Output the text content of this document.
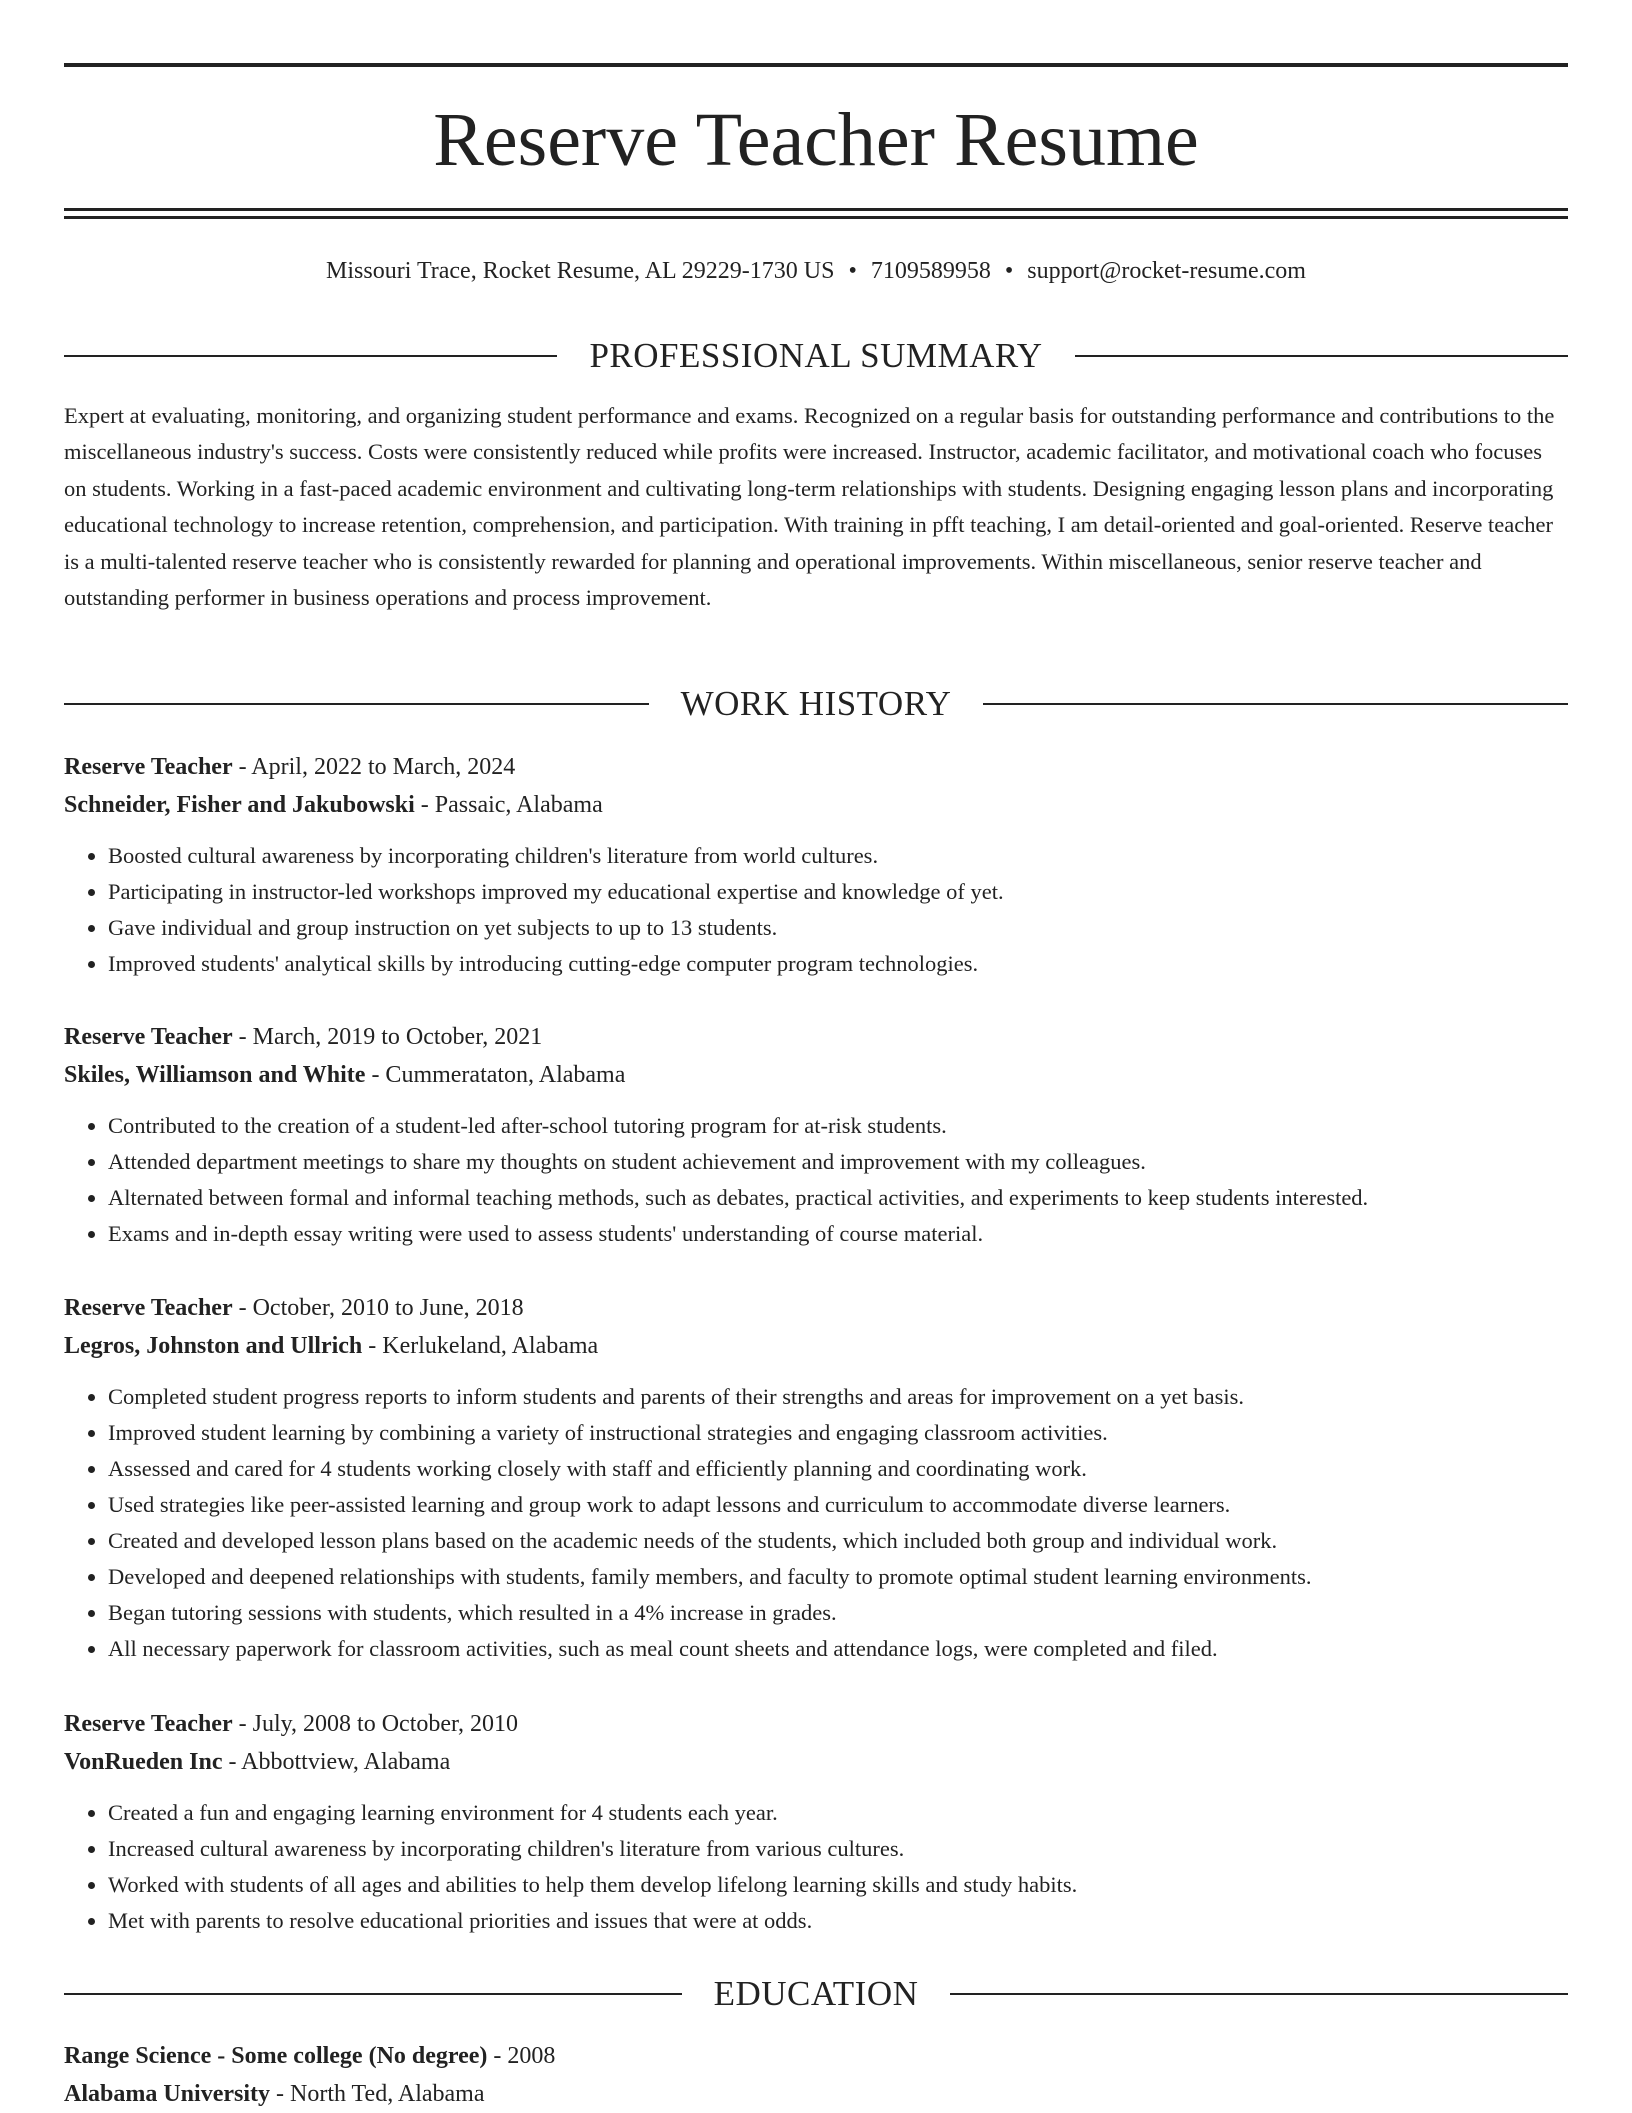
Reserve Teacher Resume
Missouri Trace, Rocket Resume, AL 29229-1730 US • 7109589958 • support@rocket-resume.com
PROFESSIONAL SUMMARY

Expert at evaluating, monitoring, and organizing student performance and exams. Recognized on a regular basis for outstanding performance and contributions to the miscellaneous industry's success. Costs were consistently reduced while profits were increased. Instructor, academic facilitator, and motivational coach who focuses on students. Working in a fast-paced academic environment and cultivating long-term relationships with students. Designing engaging lesson plans and incorporating educational technology to increase retention, comprehension, and participation. With training in pfft teaching, I am detail-oriented and goal-oriented. Reserve teacher is a multi-talented reserve teacher who is consistently rewarded for planning and operational improvements. Within miscellaneous, senior reserve teacher and outstanding performer in business operations and process improvement.

WORK HISTORY
Reserve Teacher - April, 2022 to March, 2024
Schneider, Fisher and Jakubowski - Passaic, Alabama
• Boosted cultural awareness by incorporating children's literature from world cultures.
• Participating in instructor-led workshops improved my educational expertise and knowledge of yet.
• Gave individual and group instruction on yet subjects to up to 13 students.
• Improved students' analytical skills by introducing cutting-edge computer program technologies.
Reserve Teacher - March, 2019 to October, 2021
Skiles, Williamson and White - Cummerataton, Alabama
• Contributed to the creation of a student-led after-school tutoring program for at-risk students.
• Attended department meetings to share my thoughts on student achievement and improvement with my colleagues.
• Alternated between formal and informal teaching methods, such as debates, practical activities, and experiments to keep students interested.
• Exams and in-depth essay writing were used to assess students' understanding of course material.
Reserve Teacher - October, 2010 to June, 2018
Legros, Johnston and Ullrich - Kerlukeland, Alabama
• Completed student progress reports to inform students and parents of their strengths and areas for improvement on a yet basis.
• Improved student learning by combining a variety of instructional strategies and engaging classroom activities.
• Assessed and cared for 4 students working closely with staff and efficiently planning and coordinating work.
• Used strategies like peer-assisted learning and group work to adapt lessons and curriculum to accommodate diverse learners.
• Created and developed lesson plans based on the academic needs of the students, which included both group and individual work.
• Developed and deepened relationships with students, family members, and faculty to promote optimal student learning environments.
• Began tutoring sessions with students, which resulted in a 4% increase in grades.
• All necessary paperwork for classroom activities, such as meal count sheets and attendance logs, were completed and filed.
Reserve Teacher - July, 2008 to October, 2010
VonRueden Inc - Abbottview, Alabama
• Created a fun and engaging learning environment for 4 students each year.
• Increased cultural awareness by incorporating children's literature from various cultures.
• Worked with students of all ages and abilities to help them develop lifelong learning skills and study habits.
• Met with parents to resolve educational priorities and issues that were at odds.
EDUCATION
Range Science - Some college (No degree) - 2008
Alabama University - North Ted, Alabama
